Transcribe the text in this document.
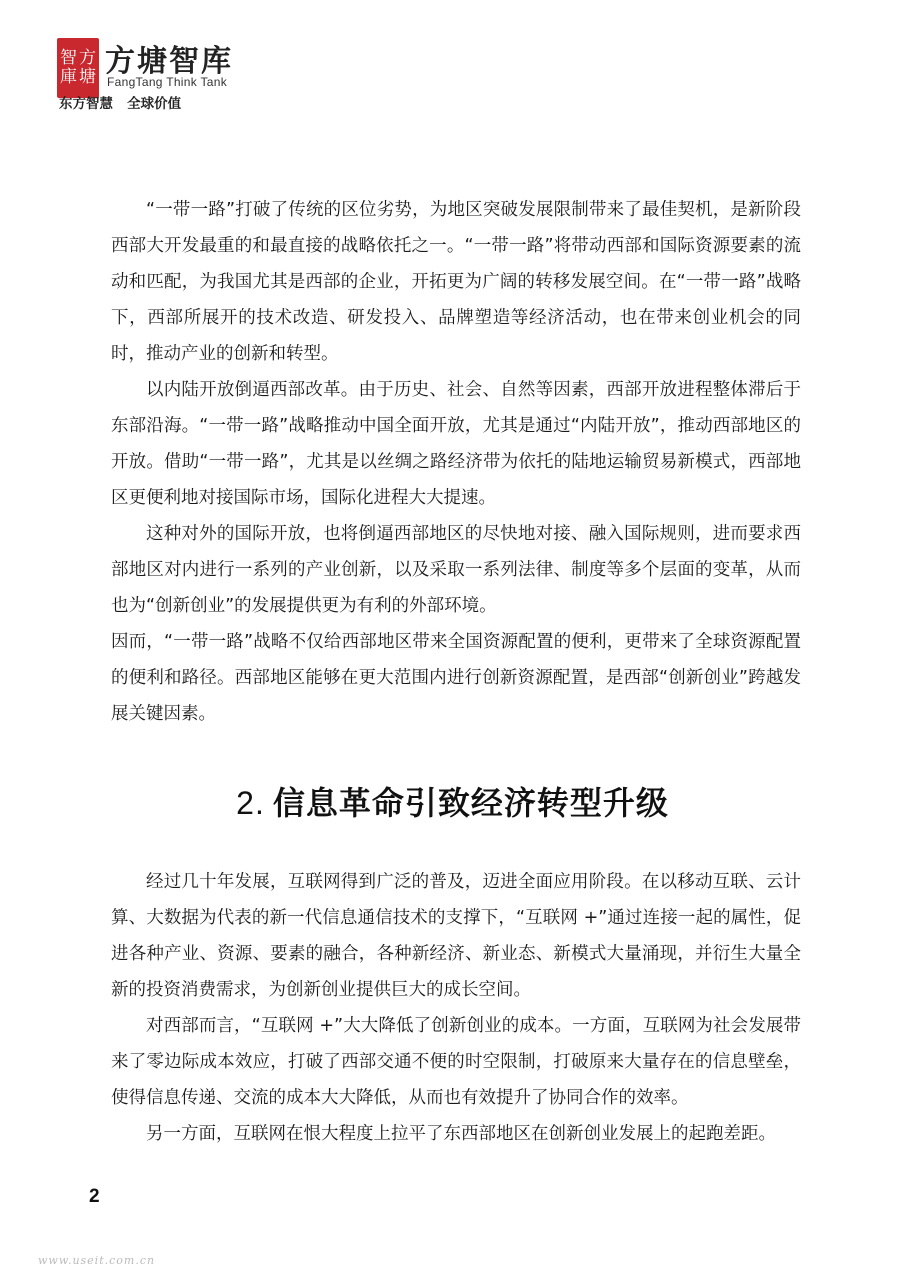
智 方
庫 塘 方塘智库
FangTang Think Tank
东方智慧   全球价值

“一带一路”打破了传统的区位劣势，为地区突破发展限制带来了最佳契机，是新阶段西部大开发最重的和最直接的战略依托之一。“一带一路”将带动西部和国际资源要素的流动和匹配，为我国尤其是西部的企业，开拓更为广阔的转移发展空间。在“一带一路”战略下，西部所展开的技术改造、研发投入、品牌塑造等经济活动，也在带来创业机会的同时，推动产业的创新和转型。

以内陆开放倒逼西部改革。由于历史、社会、自然等因素，西部开放进程整体滞后于东部沿海。“一带一路”战略推动中国全面开放，尤其是通过“内陆开放”，推动西部地区的开放。借助“一带一路”，尤其是以丝绸之路经济带为依托的陆地运输贸易新模式，西部地区更便利地对接国际市场，国际化进程大大提速。

这种对外的国际开放，也将倒逼西部地区的尽快地对接、融入国际规则，进而要求西部地区对内进行一系列的产业创新，以及采取一系列法律、制度等多个层面的变革，从而也为“创新创业”的发展提供更为有利的外部环境。

因而，“一带一路”战略不仅给西部地区带来全国资源配置的便利，更带来了全球资源配置的便利和路径。西部地区能够在更大范围内进行创新资源配置，是西部“创新创业”跨越发展关键因素。

2. 信息革命引致经济转型升级

经过几十年发展，互联网得到广泛的普及，迈进全面应用阶段。在以移动互联、云计算、大数据为代表的新一代信息通信技术的支撑下，“互联网 +”通过连接一起的属性，促进各种产业、资源、要素的融合，各种新经济、新业态、新模式大量涌现，并衍生大量全新的投资消费需求，为创新创业提供巨大的成长空间。

对西部而言，“互联网 +”大大降低了创新创业的成本。一方面，互联网为社会发展带来了零边际成本效应，打破了西部交通不便的时空限制，打破原来大量存在的信息壁垒，使得信息传递、交流的成本大大降低，从而也有效提升了协同合作的效率。

另一方面，互联网在恨大程度上拉平了东西部地区在创新创业发展上的起跑差距。

2
www.useit.com.cn
